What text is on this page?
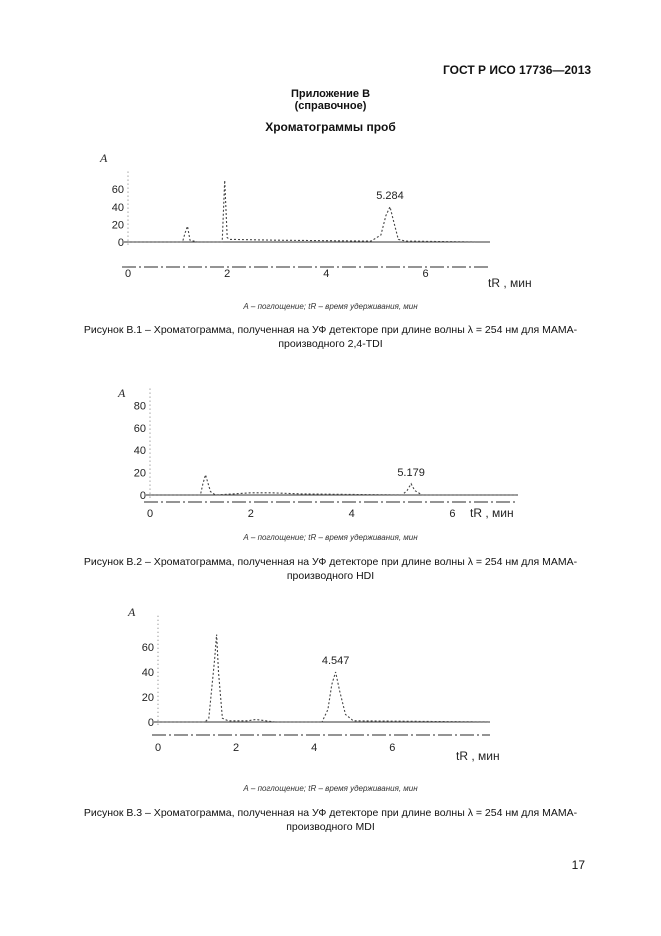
ГОСТ Р ИСО 17736—2013
Приложение В
(справочное)
Хроматограммы проб
0
20
40
60
0	2	4	6
A
tR , мин
5.284
А – поглощение; tR – время удерживания, мин
Рисунок В.1 – Хроматограмма, полученная на УФ детекторе при длине волны λ = 254 нм для МАМА-
производного 2,4-TDI
0
20
40
60
80
0	2	4	6
A
tR , мин
5.179
А – поглощение; tR – время удерживания, мин
Рисунок В.2 – Хроматограмма, полученная на УФ детекторе при длине волны λ = 254 нм для МАМА-
производного HDI
0
20
40
60
0	2	4	6
A
tR , мин
4.547
А – поглощение; tR – время удерживания, мин
Рисунок В.3 – Хроматограмма, полученная на УФ детекторе при длине волны λ = 254 нм для МАМА-
производного MDI
17
